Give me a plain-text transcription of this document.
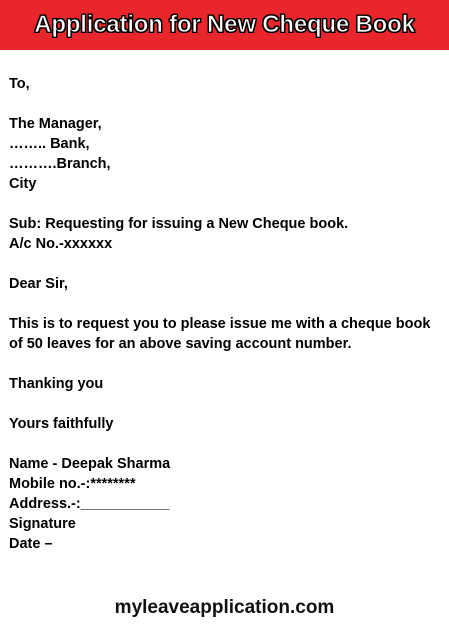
Application for New Cheque Book
To,
The Manager,
…….. Bank,
……….Branch,
City
Sub: Requesting for issuing a New Cheque book.
A/c No.-xxxxxx
Dear Sir,
This is to request you to please issue me with a cheque book of 50 leaves for an above saving account number.
Thanking you
Yours faithfully
Name - Deepak Sharma
Mobile no.-:********
Address.-:___________
Signature
Date –
myleaveapplication.com
